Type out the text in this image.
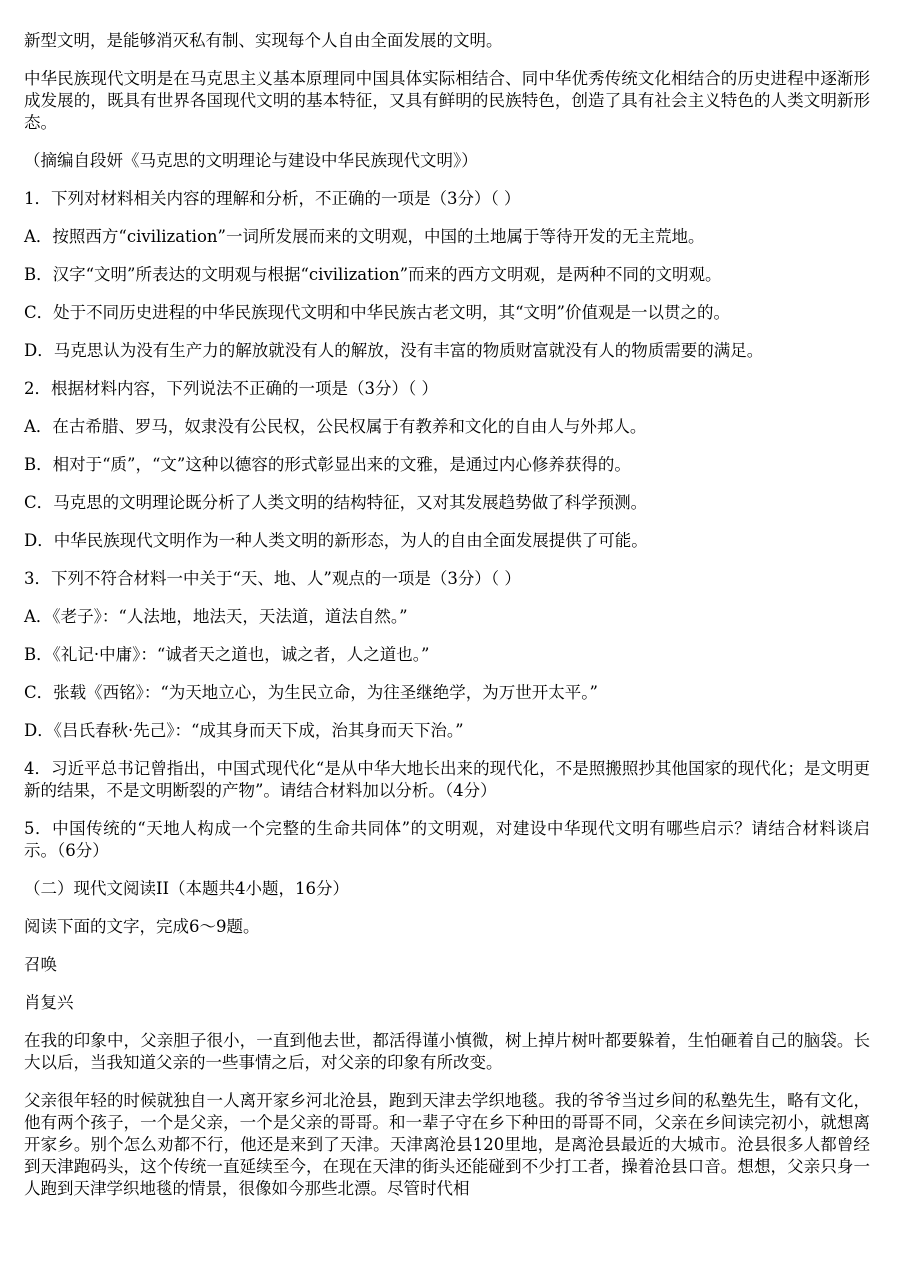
新型文明，是能够消灭私有制、实现每个人自由全面发展的文明。

中华民族现代文明是在马克思主义基本原理同中国具体实际相结合、同中华优秀传统文化相结合的历史进程中逐渐形成发展的，既具有世界各国现代文明的基本特征，又具有鲜明的民族特色，创造了具有社会主义特色的人类文明新形态。

（摘编自段妍《马克思的文明理论与建设中华民族现代文明》）

1．下列对材料相关内容的理解和分析，不正确的一项是（3分）（ ）

A．按照西方“civilization”一词所发展而来的文明观，中国的土地属于等待开发的无主荒地。

B．汉字“文明”所表达的文明观与根据“civilization”而来的西方文明观，是两种不同的文明观。

C．处于不同历史进程的中华民族现代文明和中华民族古老文明，其“文明”价值观是一以贯之的。

D．马克思认为没有生产力的解放就没有人的解放，没有丰富的物质财富就没有人的物质需要的满足。

2．根据材料内容，下列说法不正确的一项是（3分）（ ）

A．在古希腊、罗马，奴隶没有公民权，公民权属于有教养和文化的自由人与外邦人。

B．相对于“质”，“文”这种以德容的形式彰显出来的文雅，是通过内心修养获得的。

C．马克思的文明理论既分析了人类文明的结构特征，又对其发展趋势做了科学预测。

D．中华民族现代文明作为一种人类文明的新形态，为人的自由全面发展提供了可能。

3．下列不符合材料一中关于“天、地、人”观点的一项是（3分）（ ）

A．《老子》：“人法地，地法天，天法道，道法自然。”

B．《礼记·中庸》：“诚者天之道也，诚之者，人之道也。”

C．张载《西铭》：“为天地立心，为生民立命，为往圣继绝学，为万世开太平。”

D．《吕氏春秋·先己》：“成其身而天下成，治其身而天下治。”

4．习近平总书记曾指出，中国式现代化“是从中华大地长出来的现代化，不是照搬照抄其他国家的现代化；是文明更新的结果，不是文明断裂的产物”。请结合材料加以分析。（4分）

5．中国传统的“天地人构成一个完整的生命共同体”的文明观，对建设中华现代文明有哪些启示？请结合材料谈启示。（6分）

（二）现代文阅读II（本题共4小题，16分）

阅读下面的文字，完成6～9题。

召唤

肖复兴

在我的印象中，父亲胆子很小，一直到他去世，都活得谨小慎微，树上掉片树叶都要躲着，生怕砸着自己的脑袋。长大以后，当我知道父亲的一些事情之后，对父亲的印象有所改变。

父亲很年轻的时候就独自一人离开家乡河北沧县，跑到天津去学织地毯。我的爷爷当过乡间的私塾先生，略有文化，他有两个孩子，一个是父亲，一个是父亲的哥哥。和一辈子守在乡下种田的哥哥不同，父亲在乡间读完初小，就想离开家乡。别个怎么劝都不行，他还是来到了天津。天津离沧县120里地，是离沧县最近的大城市。沧县很多人都曾经到天津跑码头，这个传统一直延续至今，在现在天津的街头还能碰到不少打工者，操着沧县口音。想想，父亲只身一人跑到天津学织地毯的情景，很像如今那些北漂。尽管时代相
